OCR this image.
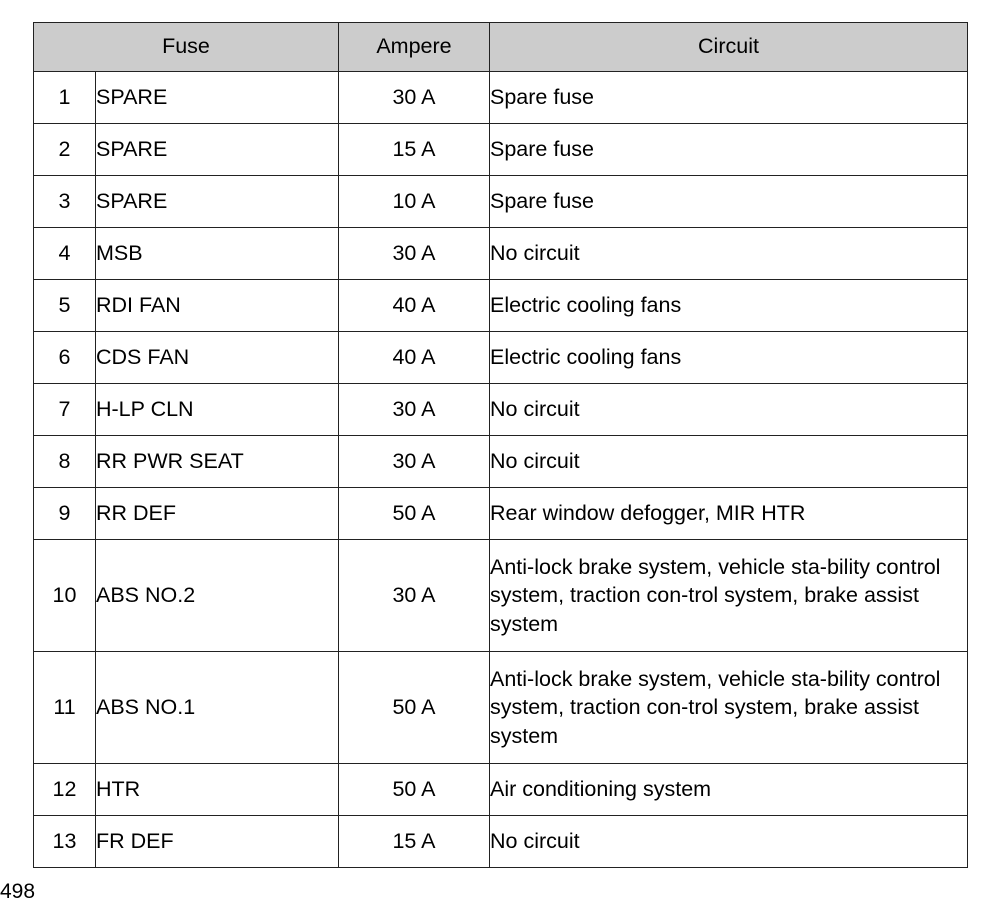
Fuse		Ampere	Circuit
1	SPARE	30 A	Spare fuse
2	SPARE	15 A	Spare fuse
3	SPARE	10 A	Spare fuse
4	MSB	30 A	No circuit
5	RDI FAN	40 A	Electric cooling fans
6	CDS FAN	40 A	Electric cooling fans
7	H-LP CLN	30 A	No circuit
8	RR PWR SEAT	30 A	No circuit
9	RR DEF	50 A	Rear window defogger, MIR HTR
10	ABS NO.2	30 A	Anti-lock brake system, vehicle sta-bility control system, traction con-trol system, brake assist system
11	ABS NO.1	50 A	Anti-lock brake system, vehicle sta-bility control system, traction con-trol system, brake assist system
12	HTR	50 A	Air conditioning system
13	FR DEF	15 A	No circuit
498
